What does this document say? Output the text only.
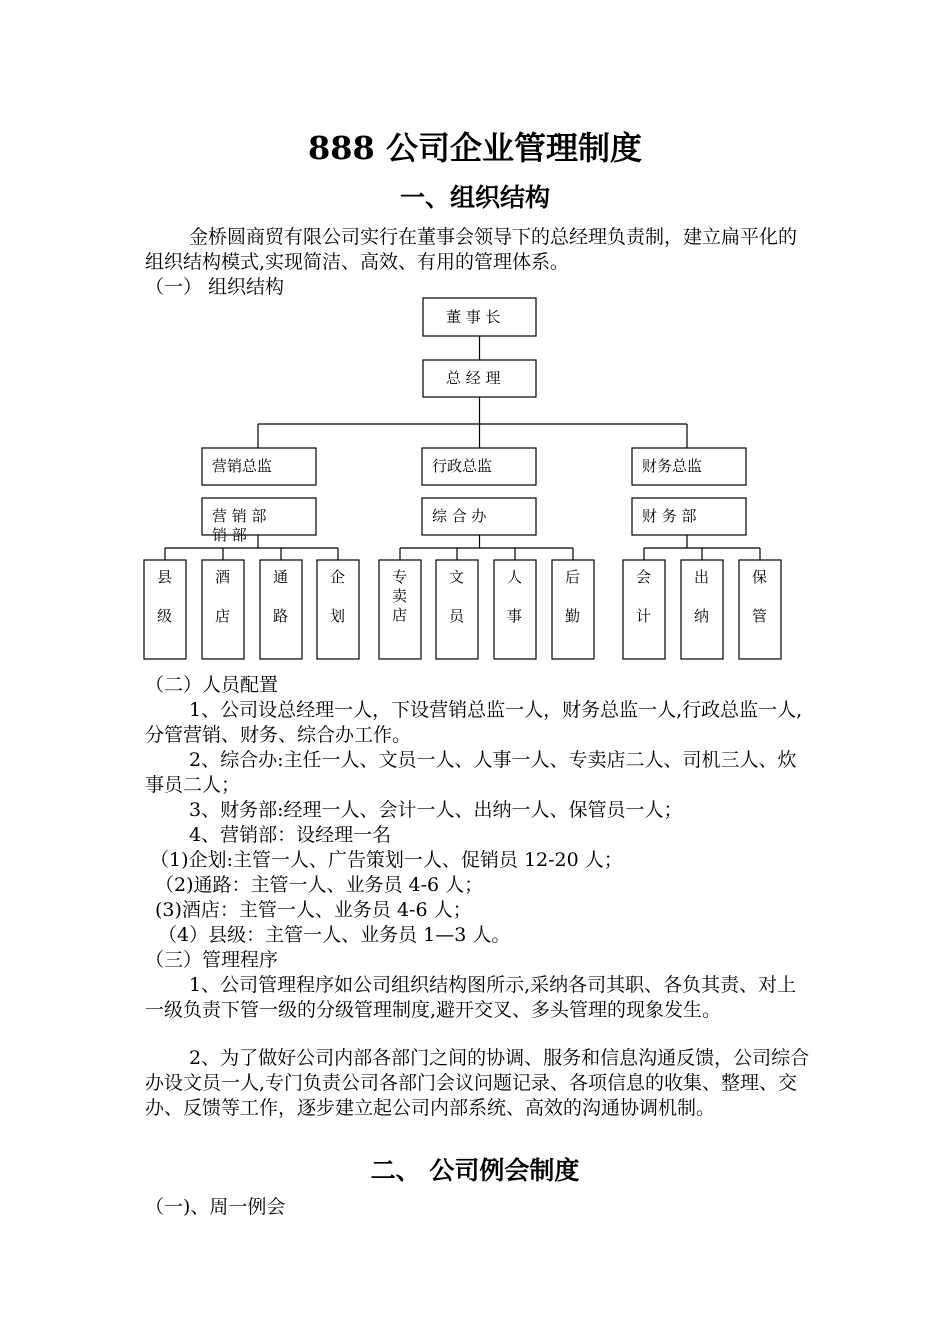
888 公司企业管理制度
一、组织结构
金桥圆商贸有限公司实行在董事会领导下的总经理负责制，建立扁平化的组织结构模式,实现简洁、高效、有用的管理体系。
（一） 组织结构
董 事 长
总 经 理
营销总监	行政总监	财务总监
营 销 部
销 部
综 合 办	财 务 部
县
级
酒
店
通
路
企
划
专
卖
店
文
员
人
事
后
勤
会
计
出
纳
保
管
（二）人员配置
1、公司设总经理一人，下设营销总监一人，财务总监一人,行政总监一人,分管营销、财务、综合办工作。
2、综合办:主任一人、文员一人、人事一人、专卖店二人、司机三人、炊事员二人；
3、财务部:经理一人、会计一人、出纳一人、保管员一人；
4、营销部：设经理一名
（1)企划:主管一人、广告策划一人、促销员 12-20 人；
（2)通路：主管一人、业务员 4-6 人；
(3)酒店：主管一人、业务员 4-6 人；
（4）县级：主管一人、业务员 1—3 人。
（三）管理程序
1、公司管理程序如公司组织结构图所示,采纳各司其职、各负其责、对上一级负责下管一级的分级管理制度,避开交叉、多头管理的现象发生。
2、为了做好公司内部各部门之间的协调、服务和信息沟通反馈，公司综合办设文员一人,专门负责公司各部门会议问题记录、各项信息的收集、整理、交办、反馈等工作，逐步建立起公司内部系统、高效的沟通协调机制。
二、 公司例会制度
（一)、周一例会
